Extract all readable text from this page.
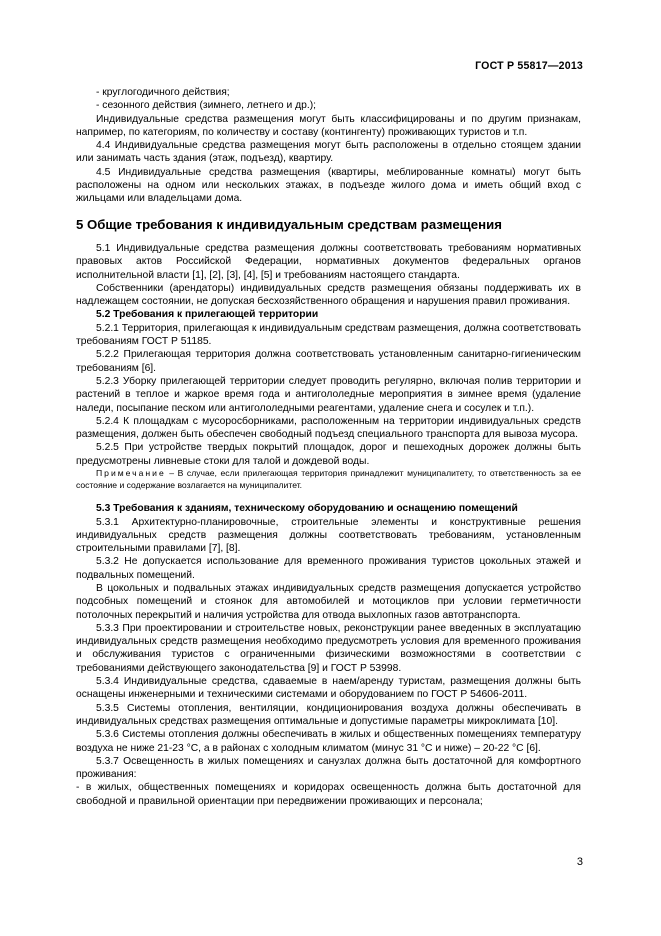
ГОСТ Р 55817—2013

- круглогодичного действия;

- сезонного действия (зимнего, летнего и др.);

Индивидуальные средства размещения могут быть классифицированы и по другим признакам, например, по категориям, по количеству и составу (контингенту) проживающих туристов и т.п.

4.4 Индивидуальные средства размещения могут быть расположены в отдельно стоящем здании или занимать часть здания (этаж, подъезд), квартиру.

4.5 Индивидуальные средства размещения (квартиры, меблированные комнаты) могут быть расположены на одном или нескольких этажах, в подъезде жилого дома и иметь общий вход с жильцами или владельцами дома.

5 Общие требования к индивидуальным средствам размещения

5.1 Индивидуальные средства размещения должны соответствовать требованиям нормативных правовых актов Российской Федерации, нормативных документов федеральных органов исполнительной власти [1], [2], [3], [4], [5] и требованиям настоящего стандарта.

Собственники (арендаторы) индивидуальных средств размещения обязаны поддерживать их в надлежащем состоянии, не допуская бесхозяйственного обращения и нарушения правил проживания.

5.2 Требования к прилегающей территории

5.2.1 Территория, прилегающая к индивидуальным средствам размещения, должна соответствовать требованиям ГОСТ Р 51185.

5.2.2 Прилегающая территория должна соответствовать установленным санитарно-гигиеническим требованиям [6].

5.2.3 Уборку прилегающей территории следует проводить регулярно, включая полив территории и растений в теплое и жаркое время года и антигололедные мероприятия в зимнее время (удаление наледи, посыпание песком или антигололедными реагентами, удаление снега и сосулек и т.п.).

5.2.4 К площадкам с мусоросборниками, расположенным на территории индивидуальных средств размещения, должен быть обеспечен свободный подъезд специального транспорта для вывоза мусора.

5.2.5 При устройстве твердых покрытий площадок, дорог и пешеходных дорожек должны быть предусмотрены ливневые стоки для талой и дождевой воды.

Примечание – В случае, если прилегающая территория принадлежит муниципалитету, то ответственность за ее состояние и содержание возлагается на муниципалитет.

5.3 Требования к зданиям, техническому оборудованию и оснащению помещений

5.3.1 Архитектурно-планировочные, строительные элементы и конструктивные решения индивидуальных средств размещения должны соответствовать требованиям, установленным строительными правилами [7], [8].

5.3.2 Не допускается использование для временного проживания туристов цокольных этажей и подвальных помещений.

В цокольных и подвальных этажах индивидуальных средств размещения допускается устройство подсобных помещений и стоянок для автомобилей и мотоциклов при условии герметичности потолочных перекрытий и наличия устройства для отвода выхлопных газов автотранспорта.

5.3.3 При проектировании и строительстве новых, реконструкции ранее введенных в эксплуатацию индивидуальных средств размещения необходимо предусмотреть условия для временного проживания и обслуживания туристов с ограниченными физическими возможностями в соответствии с требованиями действующего законодательства [9] и ГОСТ Р 53998.

5.3.4 Индивидуальные средства, сдаваемые в наем/аренду туристам, размещения должны быть оснащены инженерными и техническими системами и оборудованием по ГОСТ Р 54606-2011.

5.3.5 Системы отопления, вентиляции, кондиционирования воздуха должны обеспечивать в индивидуальных средствах размещения оптимальные и допустимые параметры микроклимата [10].

5.3.6 Системы отопления должны обеспечивать в жилых и общественных помещениях температуру воздуха не ниже 21-23 °С, а в районах с холодным климатом (минус 31 °С и ниже) – 20-22 °С [6].

5.3.7 Освещенность в жилых помещениях и санузлах должна быть достаточной для комфортного проживания:

- в жилых, общественных помещениях и коридорах освещенность должна быть достаточной для свободной и правильной ориентации при передвижении проживающих и персонала;

3
